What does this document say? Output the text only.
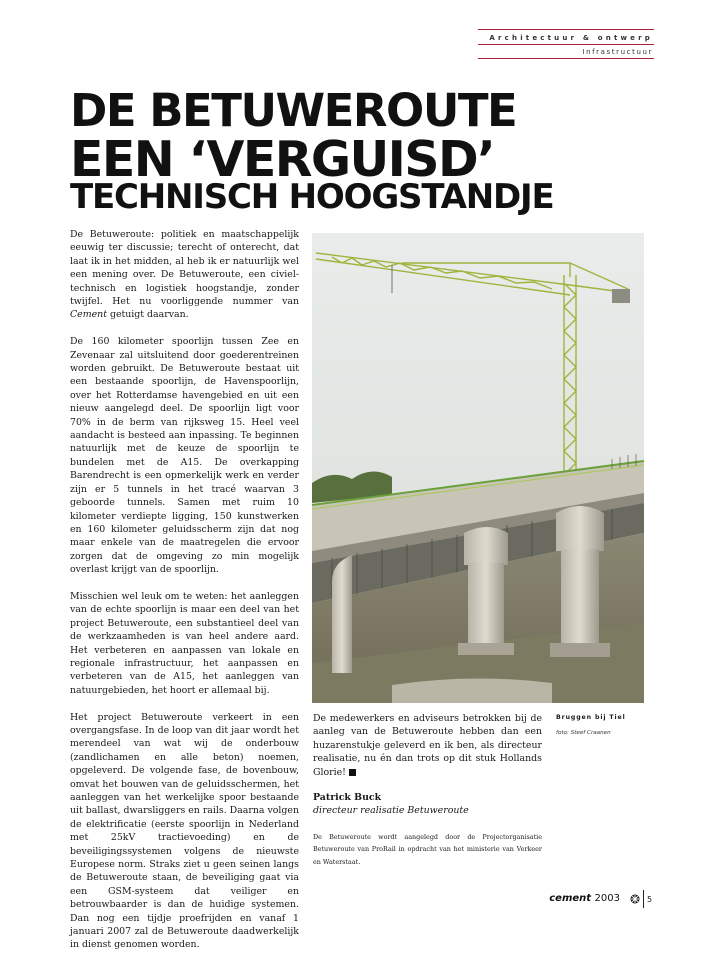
Architectuur & ontwerp
Infrastructuur
DE BETUWEROUTE
EEN ‘VERGUISD’
TECHNISCH HOOGSTANDJE

De Betuweroute: politiek en maatschappelijk eeuwig ter discussie; terecht of onterecht, dat laat ik in het midden, al heb ik er natuurlijk wel een mening over. De Betuweroute, een civiel-technisch en logistiek hoogstandje, zonder twijfel. Het nu voorliggende nummer van Cement getuigt daarvan.

De 160 kilometer spoorlijn tussen Zee en Zevenaar zal uitsluitend door goederentreinen worden gebruikt. De Betuweroute bestaat uit een bestaande spoorlijn, de Havenspoorlijn, over het Rotterdamse havengebied en uit een nieuw aangelegd deel. De spoorlijn ligt voor 70% in de berm van rijksweg 15. Heel veel aandacht is besteed aan inpassing. Te beginnen natuurlijk met de keuze de spoorlijn te bundelen met de A15. De overkapping Barendrecht is een opmerkelijk werk en verder zijn er 5 tunnels in het tracé waarvan 3 geboorde tunnels. Samen met ruim 10 kilometer verdiepte ligging, 150 kunstwerken en 160 kilometer geluidsscherm zijn dat nog maar enkele van de maatregelen die ervoor zorgen dat de omgeving zo min mogelijk overlast krijgt van de spoorlijn.

Misschien wel leuk om te weten: het aanleggen van de echte spoorlijn is maar een deel van het project Betuweroute, een substantieel deel van de werkzaamheden is van heel andere aard. Het verbeteren en aanpassen van lokale en regionale infrastructuur, het aanpassen en verbeteren van de A15, het aanleggen van natuurgebieden, het hoort er allemaal bij.

Het project Betuweroute verkeert in een overgangsfase. In de loop van dit jaar wordt het merendeel van wat wij de onderbouw (zandlichamen en alle beton) noemen, opgeleverd. De volgende fase, de bovenbouw, omvat het bouwen van de geluidsschermen, het aanleggen van het werkelijke spoor bestaande uit ballast, dwarsliggers en rails. Daarna volgen de elektrificatie (eerste spoorlijn in Nederland met 25kV tractievoeding) en de beveiligingssystemen volgens de nieuwste Europese norm. Straks ziet u geen seinen langs de Betuweroute staan, de beveiliging gaat via een GSM-systeem dat veiliger en betrouwbaarder is dan de huidige systemen. Dan nog een tijdje proefrijden en vanaf 1 januari 2007 zal de Betuweroute daadwerkelijk in dienst genomen worden.

Bruggen bij Tiel
foto: Steef Craanen

De medewerkers en adviseurs betrokken bij de aanleg van de Betuweroute hebben dan een huzarenstukje geleverd en ik ben, als directeur realisatie, nu én dan trots op dit stuk Hollands Glorie!

Patrick Buck

directeur realisatie Betuweroute

De Betuweroute wordt aangelegd door de Projectorganisatie Betuweroute van ProRail in opdracht van het ministerie van Verkeer en Waterstaat.

cement 2003	5
